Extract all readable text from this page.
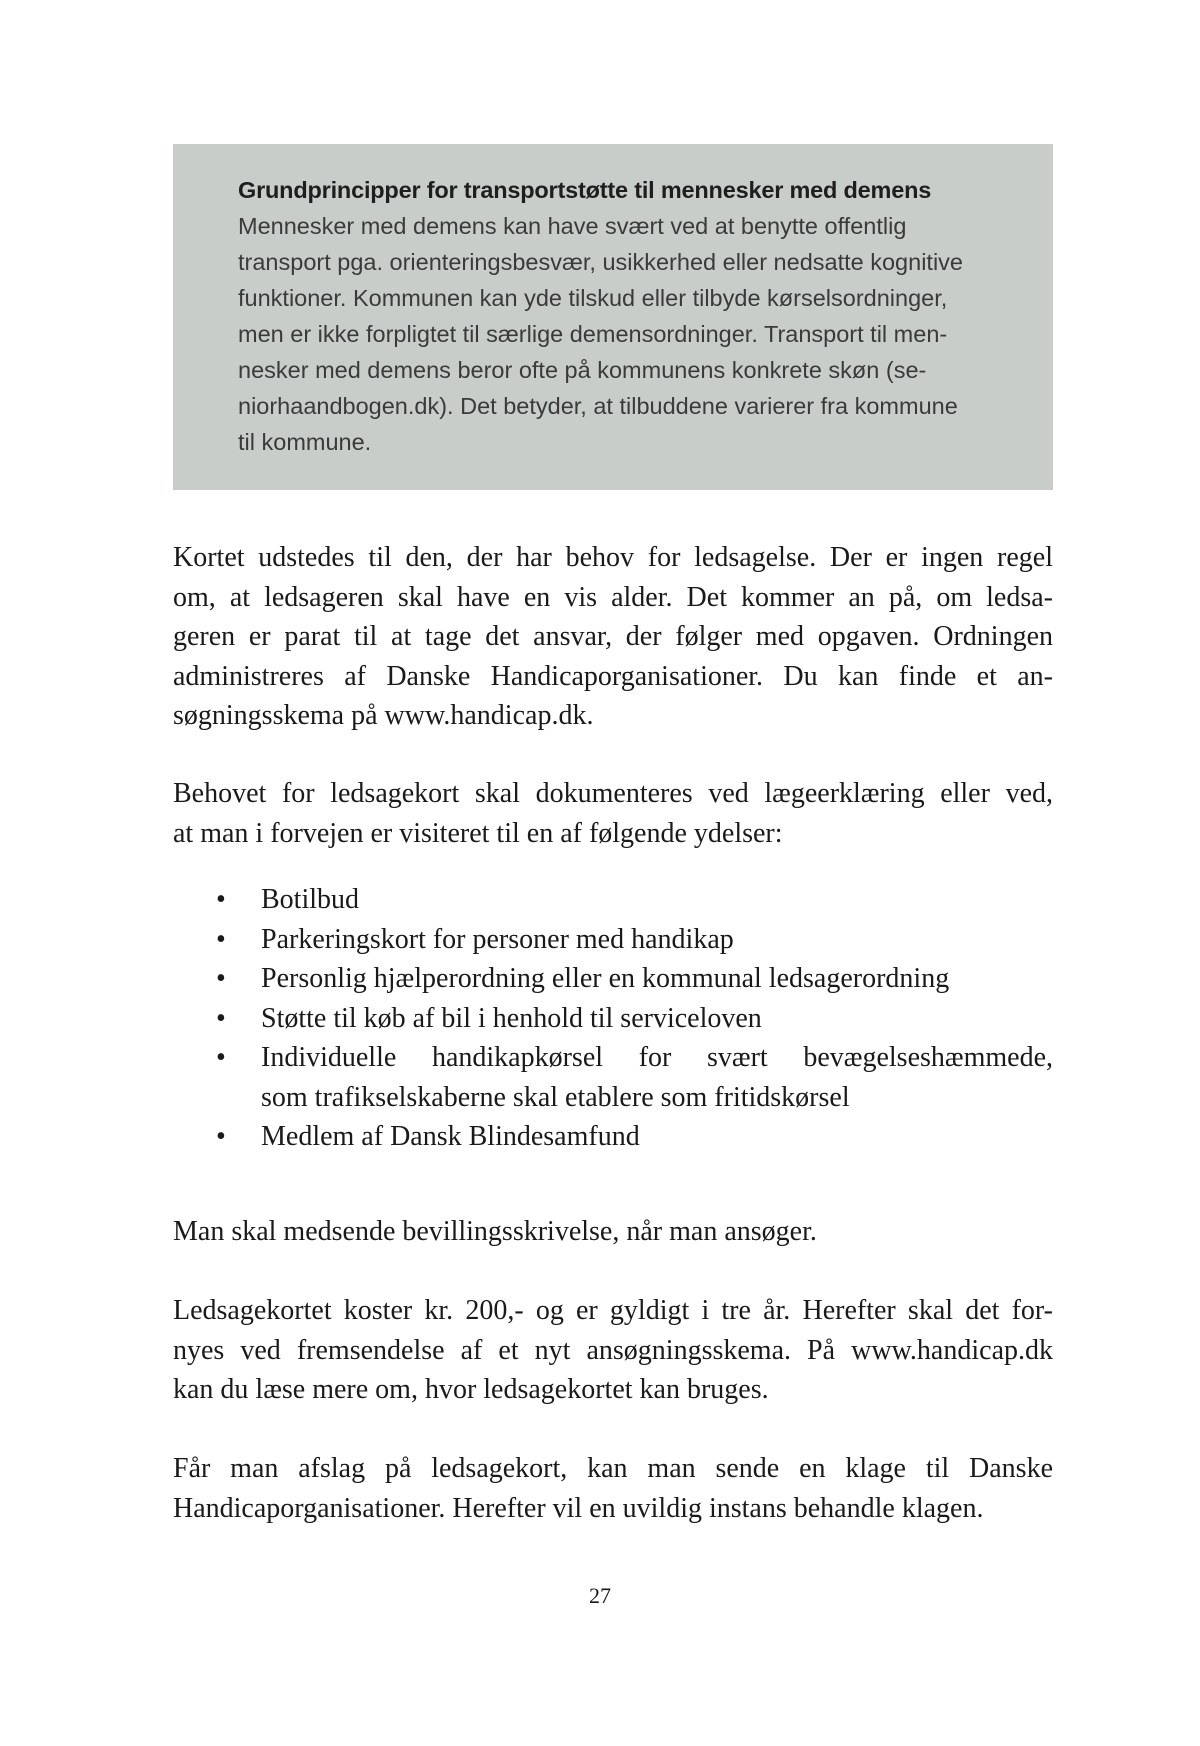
Grundprincipper for transportstøtte til mennesker med demens
Mennesker med demens kan have svært ved at benytte offentlig
transport pga. orienteringsbesvær, usikkerhed eller nedsatte kognitive
funktioner. Kommunen kan yde tilskud eller tilbyde kørselsordninger,
men er ikke forpligtet til særlige demensordninger. Transport til men-
nesker med demens beror ofte på kommunens konkrete skøn (se-
niorhaandbogen.dk). Det betyder, at tilbuddene varierer fra kommune
til kommune.
Kortet udstedes til den, der har behov for ledsagelse. Der er ingen regel
om, at ledsageren skal have en vis alder. Det kommer an på, om ledsa-
geren er parat til at tage det ansvar, der følger med opgaven. Ordningen
administreres af Danske Handicaporganisationer. Du kan finde et an-
søgningsskema på www.handicap.dk.
Behovet for ledsagekort skal dokumenteres ved lægeerklæring eller ved,
at man i forvejen er visiteret til en af følgende ydelser:
• Botilbud
• Parkeringskort for personer med handikap
• Personlig hjælperordning eller en kommunal ledsagerordning
• Støtte til køb af bil i henhold til serviceloven
• Individuelle handikapkørsel for svært bevægelseshæmmede,
som trafikselskaberne skal etablere som fritidskørsel
• Medlem af Dansk Blindesamfund
Man skal medsende bevillingsskrivelse, når man ansøger.
Ledsagekortet koster kr. 200,- og er gyldigt i tre år. Herefter skal det for-
nyes ved fremsendelse af et nyt ansøgningsskema. På www.handicap.dk
kan du læse mere om, hvor ledsagekortet kan bruges.
Får man afslag på ledsagekort, kan man sende en klage til Danske
Handicaporganisationer. Herefter vil en uvildig instans behandle klagen.
27
